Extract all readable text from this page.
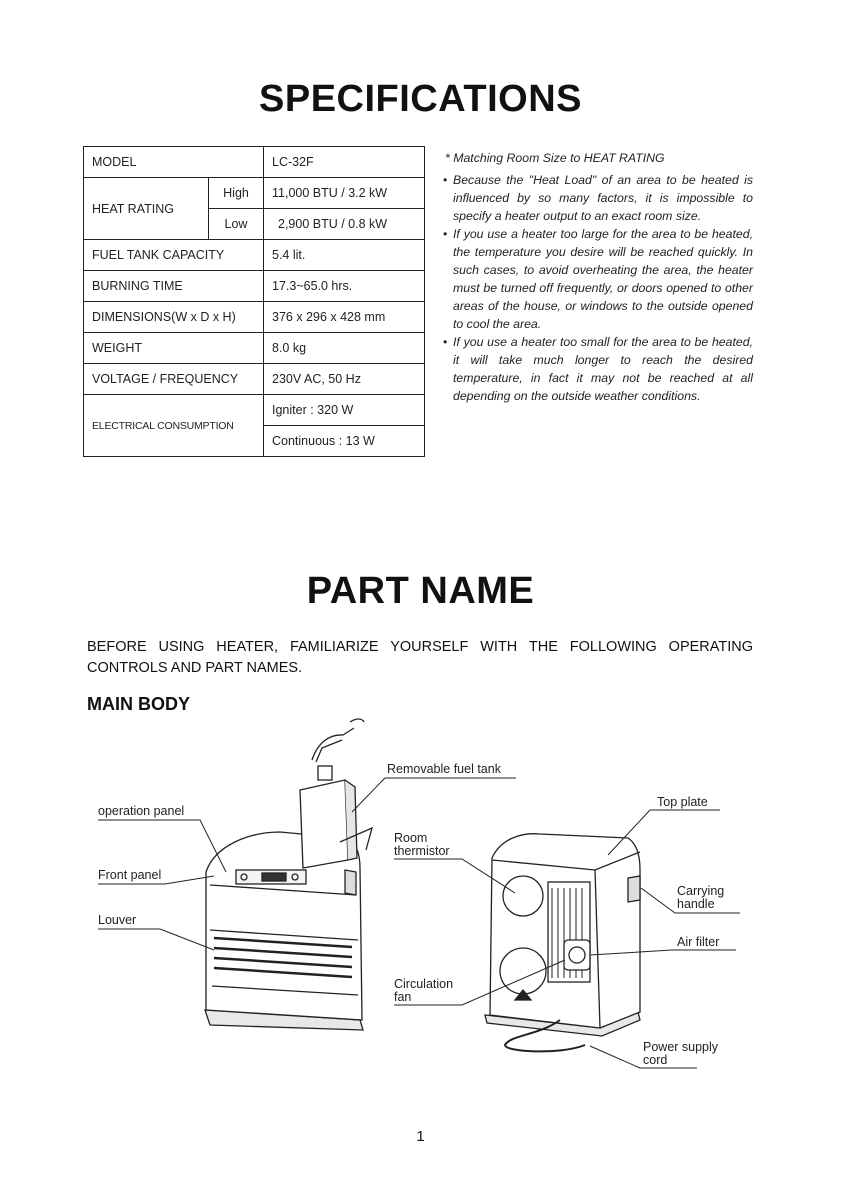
SPECIFICATIONS
MODEL		LC-32F
HEAT RATING	High	11,000 BTU / 3.2 kW
	Low	2,900 BTU / 0.8 kW
FUEL TANK CAPACITY		5.4 lit.
BURNING TIME		17.3~65.0 hrs.
DIMENSIONS(W x D x H)		376 x 296 x 428 mm
WEIGHT		8.0 kg
VOLTAGE / FREQUENCY		230V AC, 50 Hz
ELECTRICAL CONSUMPTION		Igniter : 320 W
		Continuous : 13 W

* Matching Room Size to HEAT RATING

• Because the "Heat Load" of an area to be heated is influenced by so many factors, it is impossible to specify a heater output to an exact room size.
• If you use a heater too large for the area to be heated, the temperature you desire will be reached quickly. In such cases, to avoid overheating the area, the heater must be turned off frequently, or doors opened to other areas of the house, or windows to the outside opened to cool the area.
• If you use a heater too small for the area to be heated, it will take much longer to reach the desired temperature, in fact it may not be reached at all depending on the outside weather conditions.
PART NAME

BEFORE USING HEATER, FAMILIARIZE YOURSELF WITH THE FOLLOWING OPERATING CONTROLS AND PART NAMES.

MAIN BODY
operation panel
Front panel
Louver
Removable fuel tank
Room
thermistor
Circulation
fan
Top plate
Carrying
handle
Air filter
Power supply
cord
1
